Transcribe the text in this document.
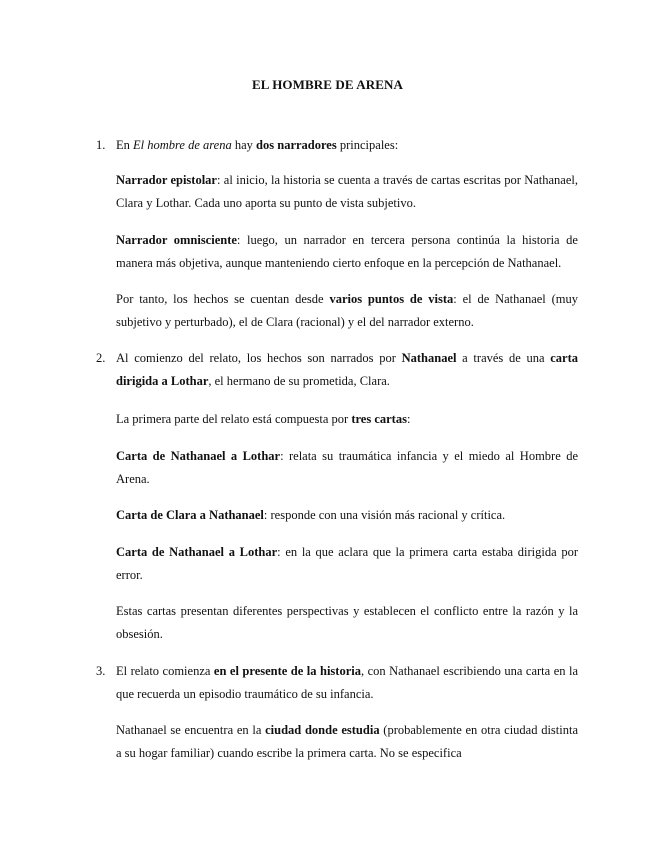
EL HOMBRE DE ARENA
1. En El hombre de arena hay dos narradores principales:

Narrador epistolar: al inicio, la historia se cuenta a través de cartas escritas por Nathanael, Clara y Lothar. Cada uno aporta su punto de vista subjetivo.

Narrador omnisciente: luego, un narrador en tercera persona continúa la historia de manera más objetiva, aunque manteniendo cierto enfoque en la percepción de Nathanael.

Por tanto, los hechos se cuentan desde varios puntos de vista: el de Nathanael (muy subjetivo y perturbado), el de Clara (racional) y el del narrador externo.

2. Al comienzo del relato, los hechos son narrados por Nathanael a través de una carta dirigida a Lothar, el hermano de su prometida, Clara.

La primera parte del relato está compuesta por tres cartas:

Carta de Nathanael a Lothar: relata su traumática infancia y el miedo al Hombre de Arena.

Carta de Clara a Nathanael: responde con una visión más racional y crítica.

Carta de Nathanael a Lothar: en la que aclara que la primera carta estaba dirigida por error.

Estas cartas presentan diferentes perspectivas y establecen el conflicto entre la razón y la obsesión.

3. El relato comienza en el presente de la historia, con Nathanael escribiendo una carta en la que recuerda un episodio traumático de su infancia.

Nathanael se encuentra en la ciudad donde estudia (probablemente en otra ciudad distinta a su hogar familiar) cuando escribe la primera carta. No se especifica
